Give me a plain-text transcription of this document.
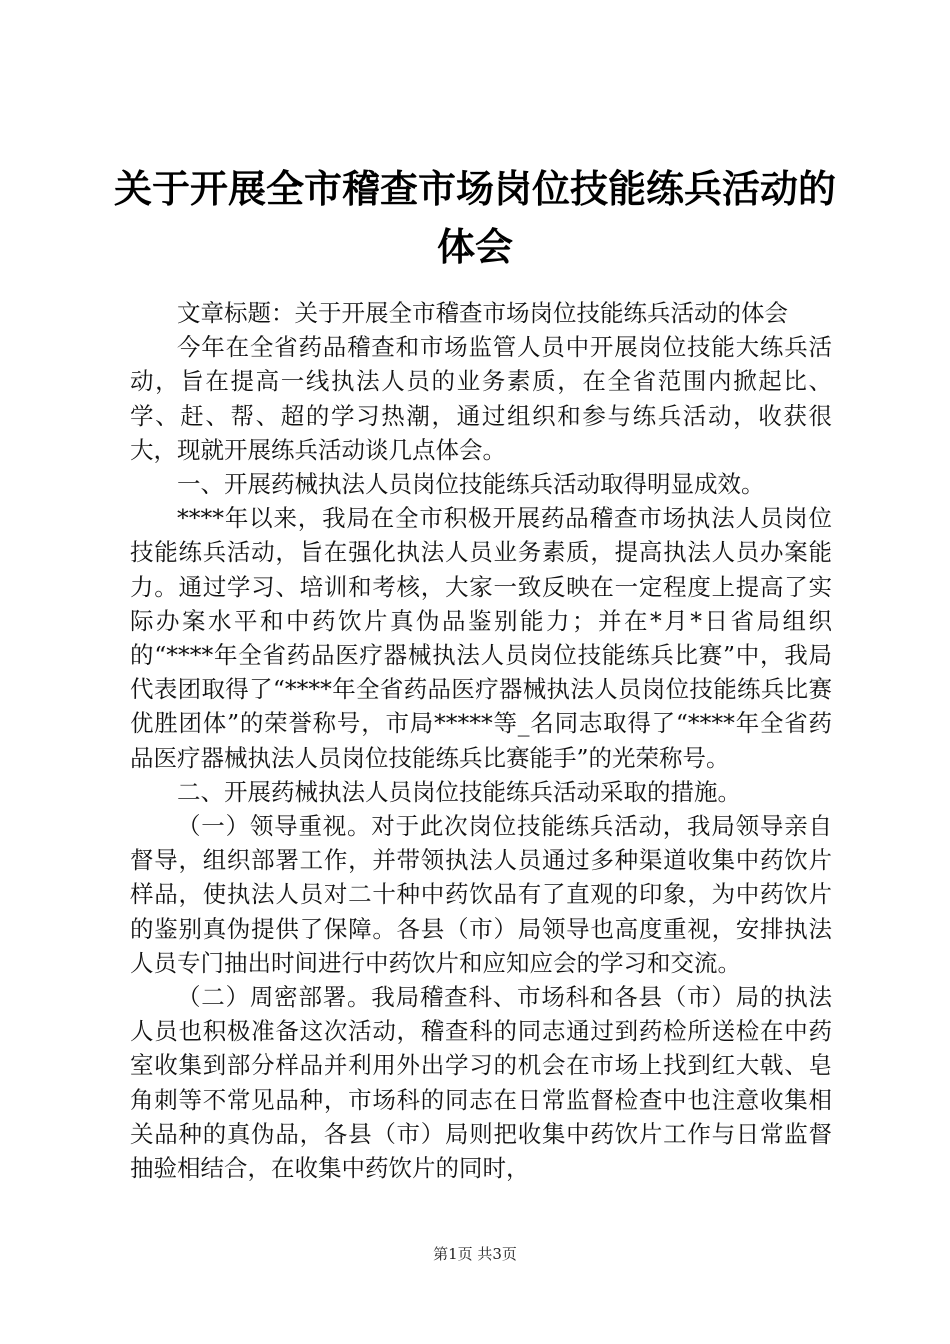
关于开展全市稽查市场岗位技能练兵活动的体会

文章标题：关于开展全市稽查市场岗位技能练兵活动的体会

今年在全省药品稽查和市场监管人员中开展岗位技能大练兵活动，旨在提高一线执法人员的业务素质，在全省范围内掀起比、学、赶、帮、超的学习热潮，通过组织和参与练兵活动，收获很大，现就开展练兵活动谈几点体会。

一、开展药械执法人员岗位技能练兵活动取得明显成效。

****年以来，我局在全市积极开展药品稽查市场执法人员岗位技能练兵活动，旨在强化执法人员业务素质，提高执法人员办案能力。通过学习、培训和考核，大家一致反映在一定程度上提高了实际办案水平和中药饮片真伪品鉴别能力；并在*月*日省局组织的“****年全省药品医疗器械执法人员岗位技能练兵比赛”中，我局代表团取得了“****年全省药品医疗器械执法人员岗位技能练兵比赛优胜团体”的荣誉称号，市局*****等_名同志取得了“****年全省药品医疗器械执法人员岗位技能练兵比赛能手”的光荣称号。

二、开展药械执法人员岗位技能练兵活动采取的措施。

（一）领导重视。对于此次岗位技能练兵活动，我局领导亲自督导，组织部署工作，并带领执法人员通过多种渠道收集中药饮片样品，使执法人员对二十种中药饮品有了直观的印象，为中药饮片的鉴别真伪提供了保障。各县（市）局领导也高度重视，安排执法人员专门抽出时间进行中药饮片和应知应会的学习和交流。

（二）周密部署。我局稽查科、市场科和各县（市）局的执法人员也积极准备这次活动，稽查科的同志通过到药检所送检在中药室收集到部分样品并利用外出学习的机会在市场上找到红大戟、皂角刺等不常见品种，市场科的同志在日常监督检查中也注意收集相关品种的真伪品，各县（市）局则把收集中药饮片工作与日常监督抽验相结合，在收集中药饮片的同时，

第1页 共3页
